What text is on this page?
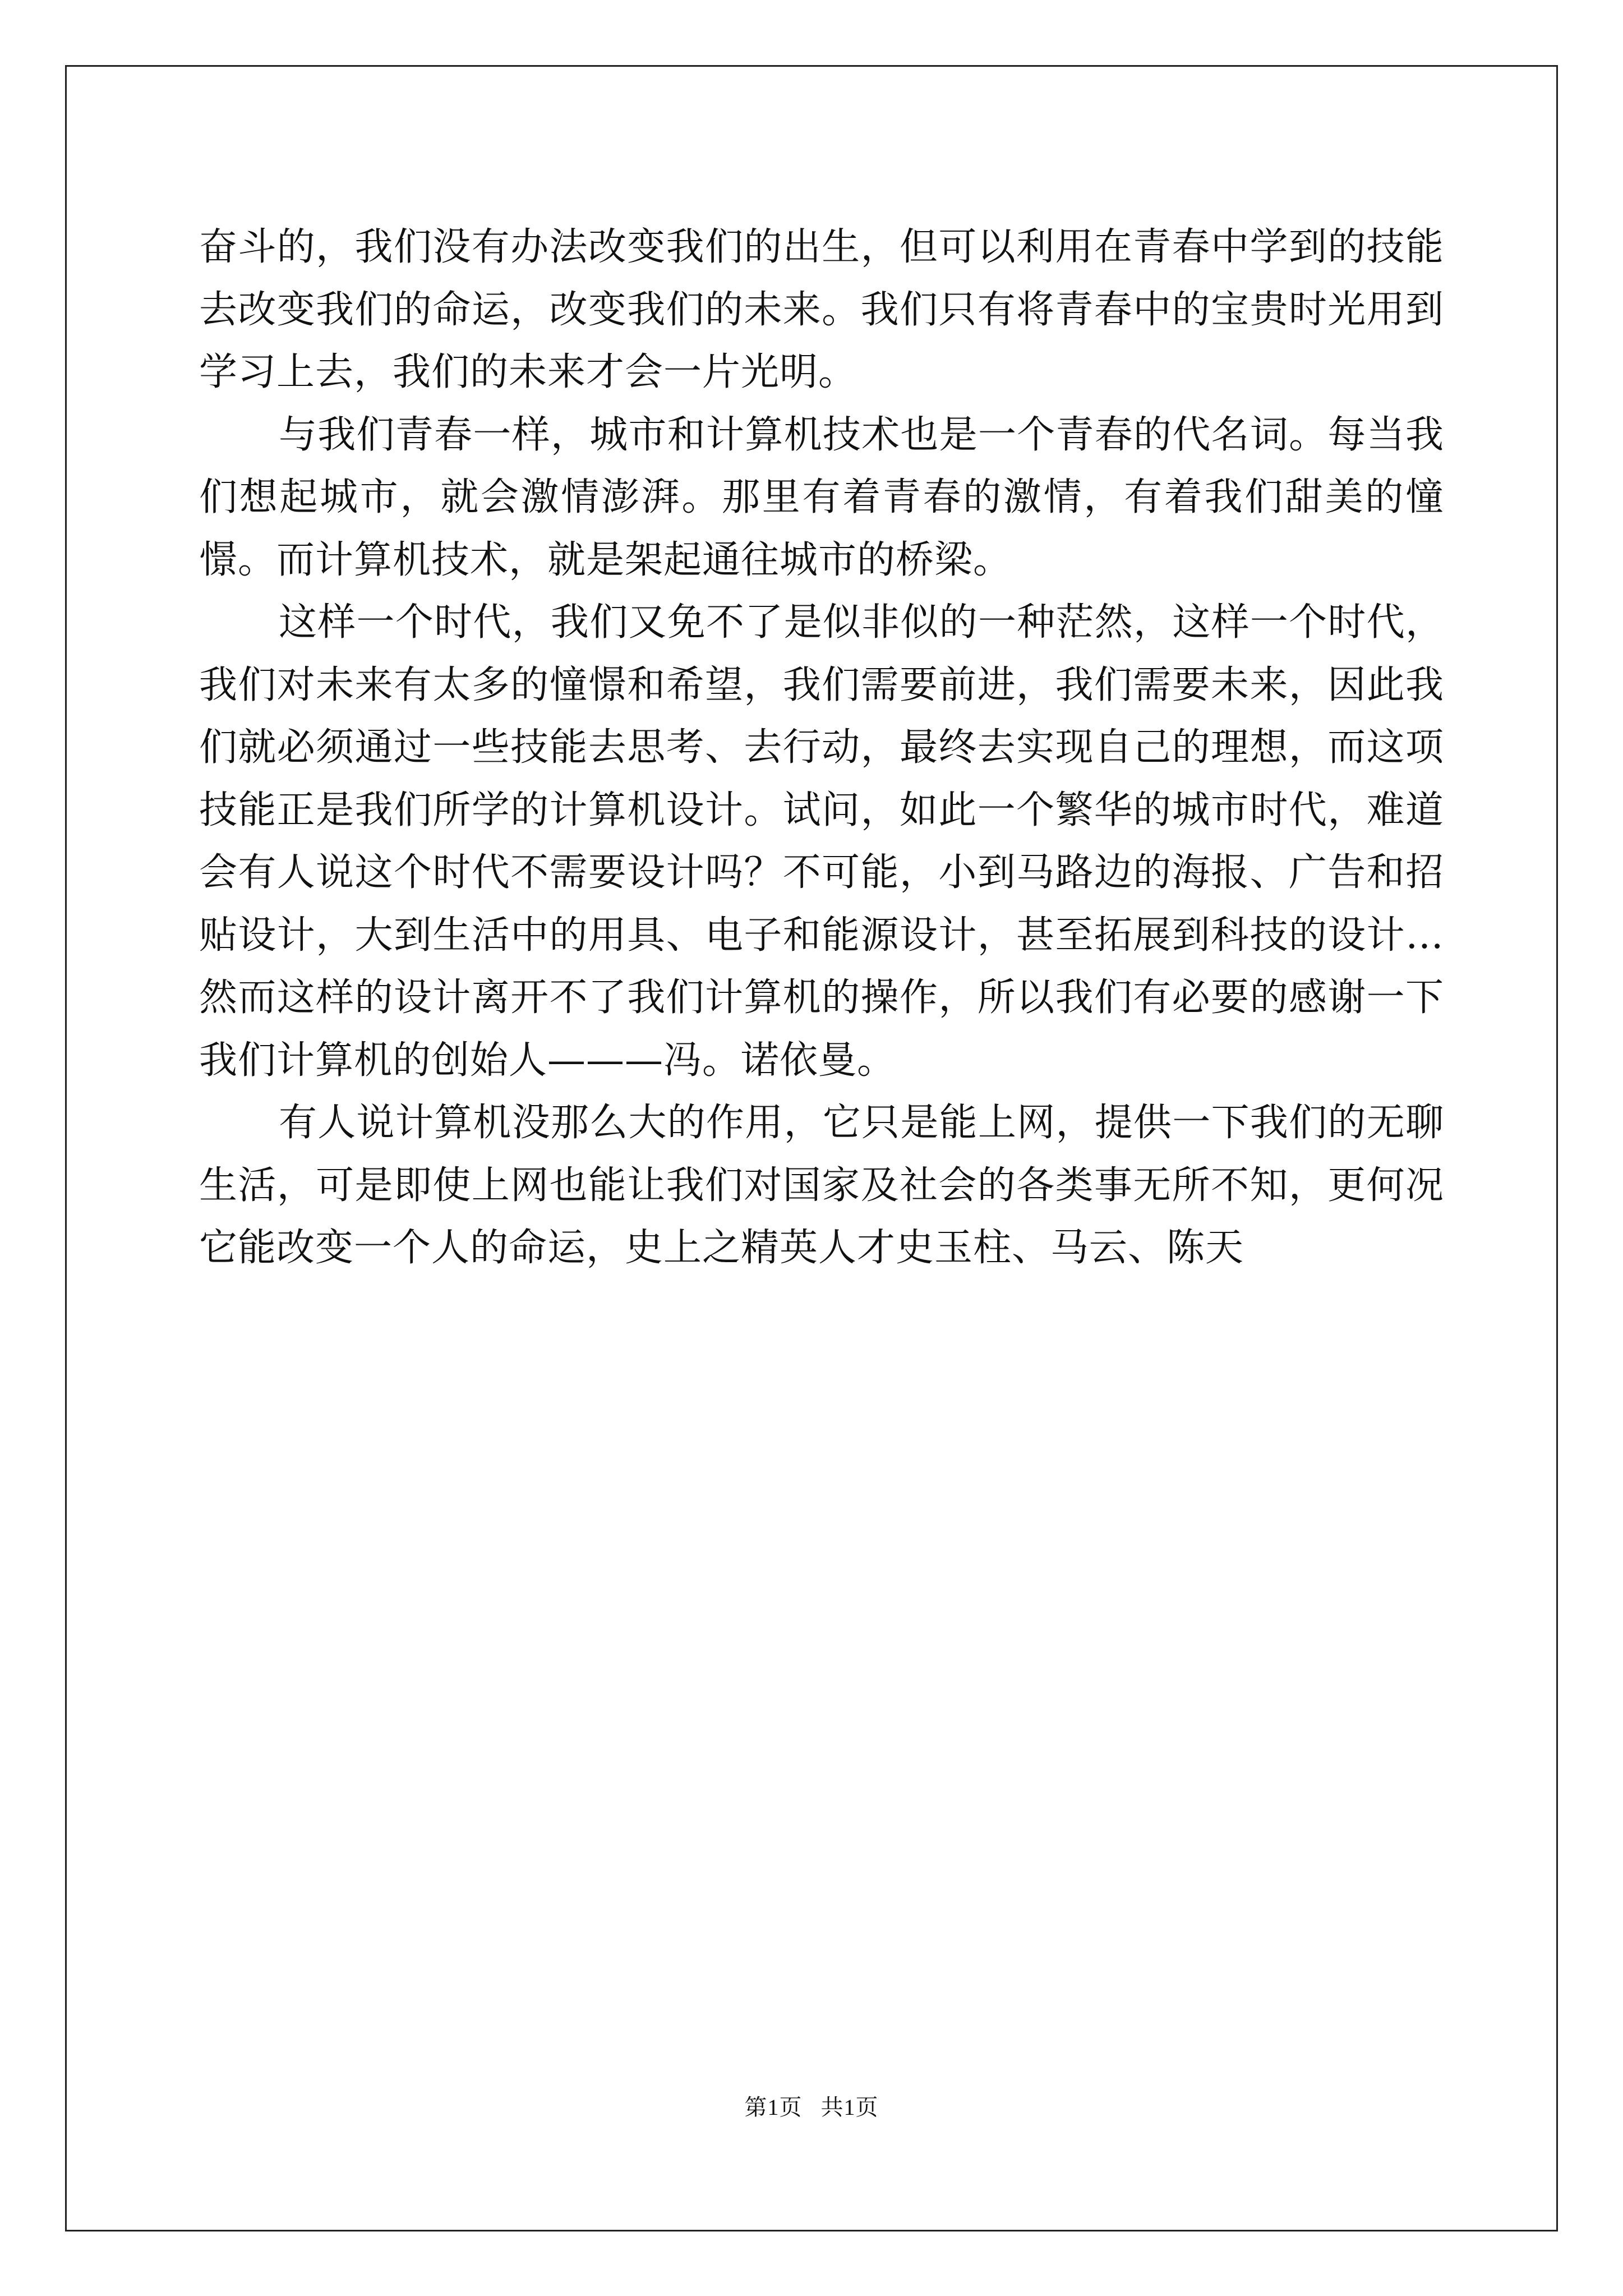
奋斗的，我们没有办法改变我们的出生，但可以利用在青春中学到的技能去改变我们的命运，改变我们的未来。我们只有将青春中的宝贵时光用到学习上去，我们的未来才会一片光明。

与我们青春一样，城市和计算机技术也是一个青春的代名词。每当我们想起城市，就会激情澎湃。那里有着青春的激情，有着我们甜美的憧憬。而计算机技术，就是架起通往城市的桥梁。

这样一个时代，我们又免不了是似非似的一种茫然，这样一个时代，我们对未来有太多的憧憬和希望，我们需要前进，我们需要未来，因此我们就必须通过一些技能去思考、去行动，最终去实现自己的理想，而这项技能正是我们所学的计算机设计。试问，如此一个繁华的城市时代，难道会有人说这个时代不需要设计吗？不可能，小到马路边的海报、广告和招贴设计，大到生活中的用具、电子和能源设计，甚至拓展到科技的设计…然而这样的设计离开不了我们计算机的操作，所以我们有必要的感谢一下我们计算机的创始人———冯。诺依曼。

有人说计算机没那么大的作用，它只是能上网，提供一下我们的无聊生活，可是即使上网也能让我们对国家及社会的各类事无所不知，更何况它能改变一个人的命运，史上之精英人才史玉柱、马云、陈天

第1页 共1页
